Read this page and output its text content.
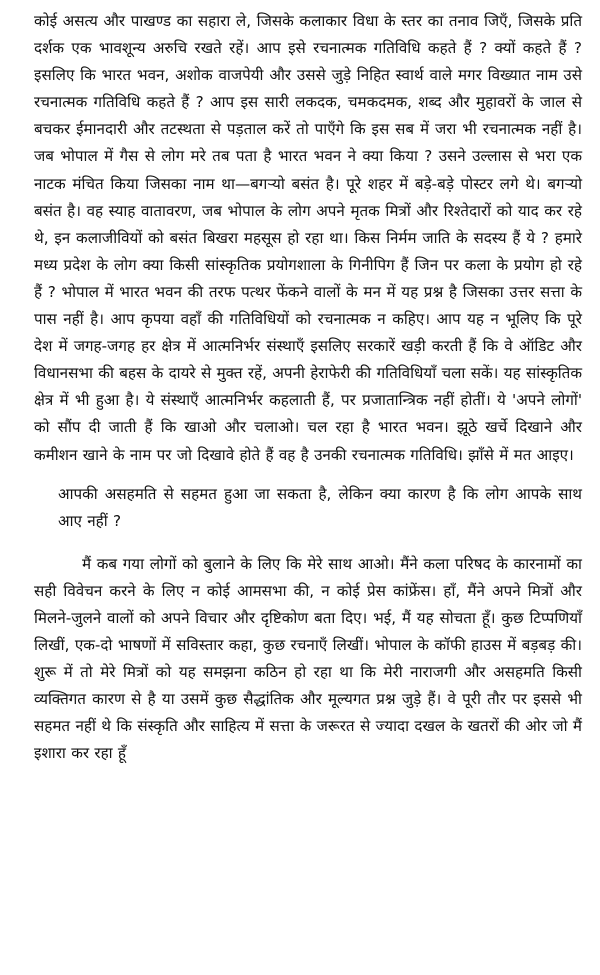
कोई असत्य और पाखण्ड का सहारा ले, जिसके कलाकार विधा के स्तर का तनाव जिएँ, जिसके प्रति दर्शक एक भावशून्य अरुचि रखते रहें। आप इसे रचनात्मक गतिविधि कहते हैं ? क्यों कहते हैं ? इसलिए कि भारत भवन, अशोक वाजपेयी और उससे जुड़े निहित स्वार्थ वाले मगर विख्यात नाम उसे रचनात्मक गतिविधि कहते हैं ? आप इस सारी लकदक, चमकदमक, शब्द और मुहावरों के जाल से बचकर ईमानदारी और तटस्थता से पड़ताल करें तो पाएँगे कि इस सब में जरा भी रचनात्मक नहीं है। जब भोपाल में गैस से लोग मरे तब पता है भारत भवन ने क्या किया ? उसने उल्लास से भरा एक नाटक मंचित किया जिसका नाम था—बगर्‍यो बसंत है। पूरे शहर में बड़े-बड़े पोस्टर लगे थे। बगर्‍यो बसंत है। वह स्याह वातावरण, जब भोपाल के लोग अपने मृतक मित्रों और रिश्तेदारों को याद कर रहे थे, इन कलाजीवियों को बसंत बिखरा महसूस हो रहा था। किस निर्मम जाति के सदस्य हैं ये ? हमारे मध्य प्रदेश के लोग क्या किसी सांस्कृतिक प्रयोगशाला के गिनीपिग हैं जिन पर कला के प्रयोग हो रहे हैं ? भोपाल में भारत भवन की तरफ पत्थर फेंकने वालों के मन में यह प्रश्न है जिसका उत्तर सत्ता के पास नहीं है। आप कृपया वहाँ की गतिविधियों को रचनात्मक न कहिए। आप यह न भूलिए कि पूरे देश में जगह-जगह हर क्षेत्र में आत्मनिर्भर संस्थाएँ इसलिए सरकारें खड़ी करती हैं कि वे ऑडिट और विधानसभा की बहस के दायरे से मुक्त रहें, अपनी हेराफेरी की गतिविधियाँ चला सकें। यह सांस्कृतिक क्षेत्र में भी हुआ है। ये संस्थाएँ आत्मनिर्भर कहलाती हैं, पर प्रजातान्त्रिक नहीं होतीं। ये 'अपने लोगों' को सौंप दी जाती हैं कि खाओ और चलाओ। चल रहा है भारत भवन। झूठे खर्चे दिखाने और कमीशन खाने के नाम पर जो दिखावे होते हैं वह है उनकी रचनात्मक गतिविधि। झाँसे में मत आइए।

आपकी असहमति से सहमत हुआ जा सकता है, लेकिन क्या कारण है कि लोग आपके साथ आए नहीं ?

मैं कब गया लोगों को बुलाने के लिए कि मेरे साथ आओ। मैंने कला परिषद के कारनामों का सही विवेचन करने के लिए न कोई आमसभा की, न कोई प्रेस कांफ्रेंस। हाँ, मैंने अपने मित्रों और मिलने-जुलने वालों को अपने विचार और दृष्टिकोण बता दिए। भई, मैं यह सोचता हूँ। कुछ टिप्पणियाँ लिखीं, एक-दो भाषणों में सविस्तार कहा, कुछ रचनाएँ लिखीं। भोपाल के कॉफी हाउस में बड़बड़ की। शुरू में तो मेरे मित्रों को यह समझना कठिन हो रहा था कि मेरी नाराजगी और असहमति किसी व्यक्तिगत कारण से है या उसमें कुछ सैद्धांतिक और मूल्यगत प्रश्न जुड़े हैं। वे पूरी तौर पर इससे भी सहमत नहीं थे कि संस्कृति और साहित्य में सत्ता के जरूरत से ज्यादा दखल के खतरों की ओर जो मैं इशारा कर रहा हूँ
